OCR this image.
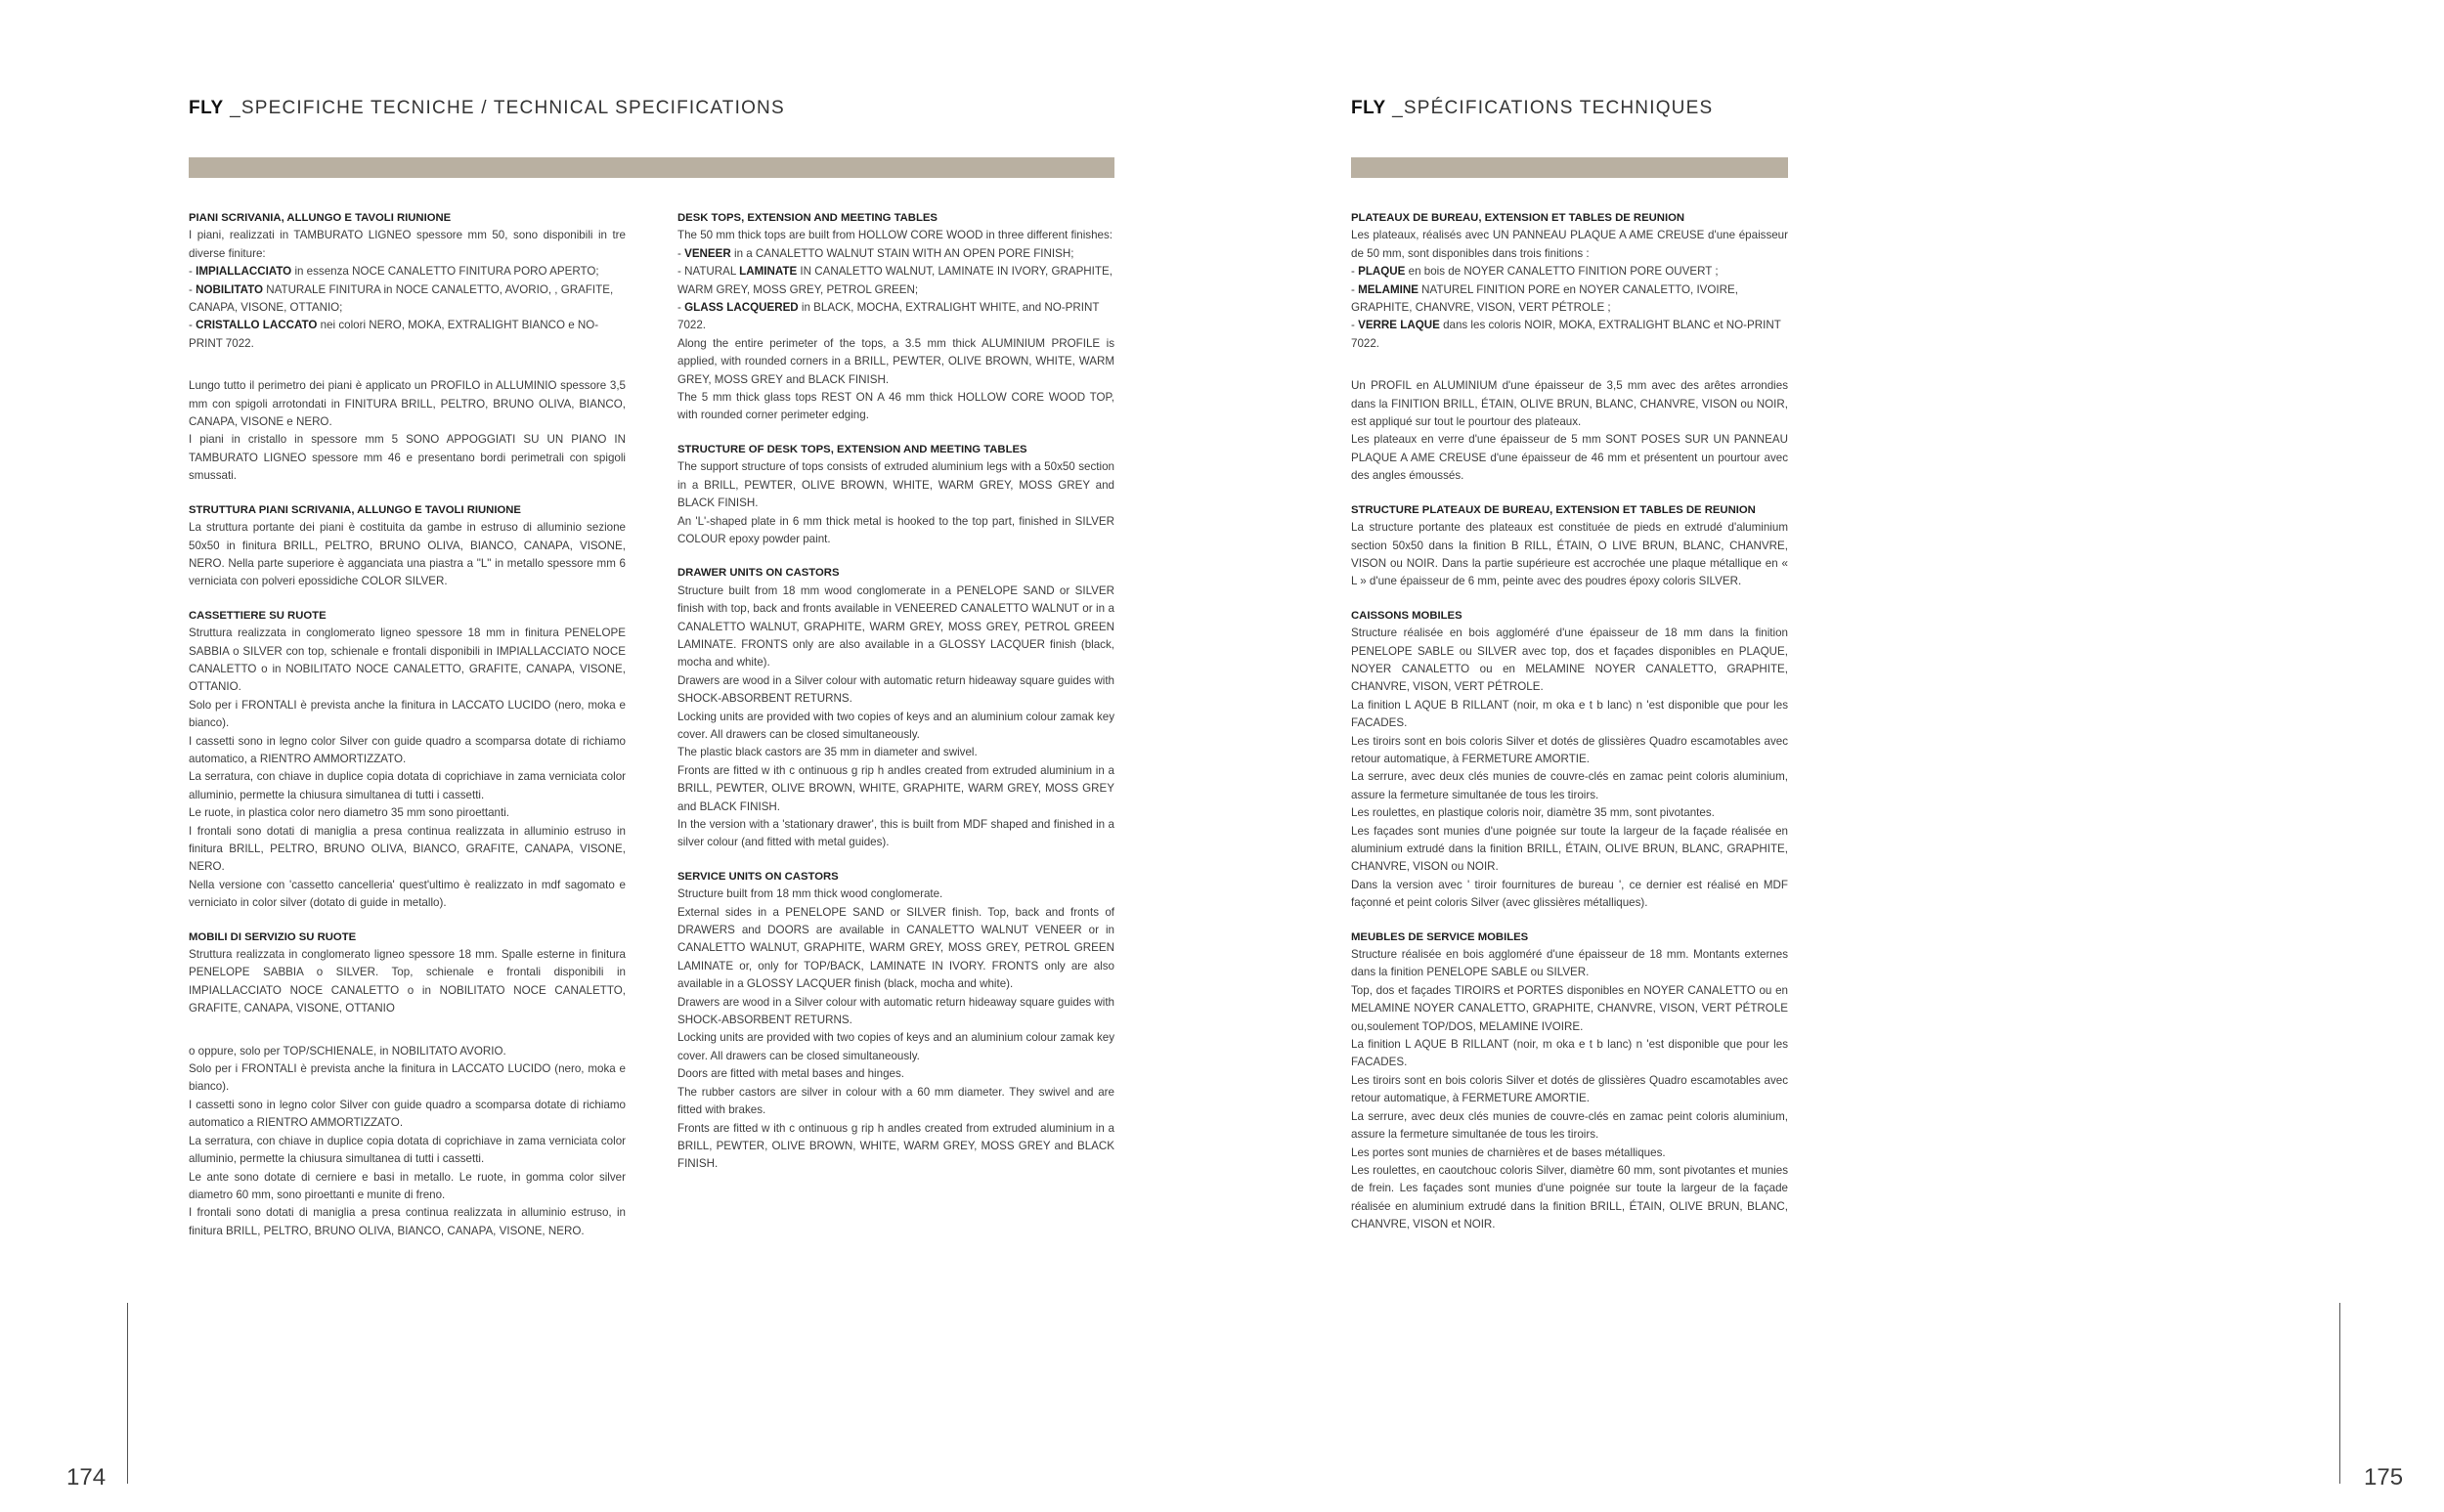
FLY _SPECIFICHE TECNICHE / TECHNICAL SPECIFICATIONS

PIANI SCRIVANIA, ALLUNGO E TAVOLI RIUNIONE

I piani, realizzati in TAMBURATO LIGNEO spessore mm 50, sono disponibili in tre diverse finiture:

- IMPIALLACCIATO in essenza NOCE CANALETTO FINITURA PORO APERTO;

- NOBILITATO NATURALE FINITURA in NOCE CANALETTO, AVORIO, , GRAFITE, CANAPA, VISONE, OTTANIO;

- CRISTALLO LACCATO nei colori NERO, MOKA, EXTRALIGHT BIANCO e NO-PRINT 7022.

Lungo tutto il perimetro dei piani è applicato un PROFILO in ALLUMINIO spessore 3,5 mm con spigoli arrotondati in FINITURA BRILL, PELTRO, BRUNO OLIVA, BIANCO, CANAPA, VISONE e NERO.

I piani in cristallo in spessore mm 5 SONO APPOGGIATI SU UN PIANO IN TAMBURATO LIGNEO spessore mm 46 e presentano bordi perimetrali con spigoli smussati.

STRUTTURA PIANI SCRIVANIA, ALLUNGO E TAVOLI RIUNIONE

La struttura portante dei piani è costituita da gambe in estruso di alluminio sezione 50x50 in finitura BRILL, PELTRO, BRUNO OLIVA, BIANCO, CANAPA, VISONE, NERO. Nella parte superiore è agganciata una piastra a "L" in metallo spessore mm 6 verniciata con polveri epossidiche COLOR SILVER.

CASSETTIERE SU RUOTE

Struttura realizzata in conglomerato ligneo spessore 18 mm in finitura PENELOPE SABBIA o SILVER con top, schienale e frontali disponibili in IMPIALLACCIATO NOCE CANALETTO o in NOBILITATO NOCE CANALETTO, GRAFITE, CANAPA, VISONE, OTTANIO.

Solo per i FRONTALI è prevista anche la finitura in LACCATO LUCIDO (nero, moka e bianco).

I cassetti sono in legno color Silver con guide quadro a scomparsa dotate di richiamo automatico, a RIENTRO AMMORTIZZATO.

La serratura, con chiave in duplice copia dotata di coprichiave in zama verniciata color alluminio, permette la chiusura simultanea di tutti i cassetti.

Le ruote, in plastica color nero diametro 35 mm sono piroettanti.

I frontali sono dotati di maniglia a presa continua realizzata in alluminio estruso in finitura BRILL, PELTRO, BRUNO OLIVA, BIANCO, GRAFITE, CANAPA, VISONE, NERO.

Nella versione con 'cassetto cancelleria' quest'ultimo è realizzato in mdf sagomato e verniciato in color silver (dotato di guide in metallo).

MOBILI DI SERVIZIO SU RUOTE

Struttura realizzata in conglomerato ligneo spessore 18 mm. Spalle esterne in finitura PENELOPE SABBIA o SILVER. Top, schienale e frontali disponibili in IMPIALLACCIATO NOCE CANALETTO o in NOBILITATO NOCE CANALETTO, GRAFITE, CANAPA, VISONE, OTTANIO

o oppure, solo per TOP/SCHIENALE, in NOBILITATO AVORIO.

Solo per i FRONTALI è prevista anche la finitura in LACCATO LUCIDO (nero, moka e bianco).

I cassetti sono in legno color Silver con guide quadro a scomparsa dotate di richiamo automatico a RIENTRO AMMORTIZZATO.

La serratura, con chiave in duplice copia dotata di coprichiave in zama verniciata color alluminio, permette la chiusura simultanea di tutti i cassetti.

Le ante sono dotate di cerniere e basi in metallo. Le ruote, in gomma color silver diametro 60 mm, sono piroettanti e munite di freno.

I frontali sono dotati di maniglia a presa continua realizzata in alluminio estruso, in finitura BRILL, PELTRO, BRUNO OLIVA, BIANCO, CANAPA, VISONE, NERO.

DESK TOPS, EXTENSION AND MEETING TABLES

The 50 mm thick tops are built from HOLLOW CORE WOOD in three different finishes:

- VENEER in a CANALETTO WALNUT STAIN WITH AN OPEN PORE FINISH;

- NATURAL LAMINATE IN CANALETTO WALNUT, LAMINATE IN IVORY, GRAPHITE, WARM GREY, MOSS GREY, PETROL GREEN;

- GLASS LACQUERED in BLACK, MOCHA, EXTRALIGHT WHITE, and NO-PRINT 7022.

Along the entire perimeter of the tops, a 3.5 mm thick ALUMINIUM PROFILE is applied, with rounded corners in a BRILL, PEWTER, OLIVE BROWN, WHITE, WARM GREY, MOSS GREY and BLACK FINISH.

The 5 mm thick glass tops REST ON A 46 mm thick HOLLOW CORE WOOD TOP, with rounded corner perimeter edging.

STRUCTURE OF DESK TOPS, EXTENSION AND MEETING TABLES

The support structure of tops consists of extruded aluminium legs with a 50x50 section in a BRILL, PEWTER, OLIVE BROWN, WHITE, WARM GREY, MOSS GREY and BLACK FINISH.

An 'L'-shaped plate in 6 mm thick metal is hooked to the top part, finished in SILVER COLOUR epoxy powder paint.

DRAWER UNITS ON CASTORS

Structure built from 18 mm wood conglomerate in a PENELOPE SAND or SILVER finish with top, back and fronts available in VENEERED CANALETTO WALNUT or in a CANALETTO WALNUT, GRAPHITE, WARM GREY, MOSS GREY, PETROL GREEN LAMINATE. FRONTS only are also available in a GLOSSY LACQUER finish (black, mocha and white).

Drawers are wood in a Silver colour with automatic return hideaway square guides with SHOCK-ABSORBENT RETURNS.

Locking units are provided with two copies of keys and an aluminium colour zamak key cover. All drawers can be closed simultaneously.

The plastic black castors are 35 mm in diameter and swivel.

Fronts are fitted w ith c ontinuous g rip h andles created from extruded aluminium in a BRILL, PEWTER, OLIVE BROWN, WHITE, GRAPHITE, WARM GREY, MOSS GREY and BLACK FINISH.

In the version with a 'stationary drawer', this is built from MDF shaped and finished in a silver colour (and fitted with metal guides).

SERVICE UNITS ON CASTORS

Structure built from 18 mm thick wood conglomerate.

External sides in a PENELOPE SAND or SILVER finish. Top, back and fronts of DRAWERS and DOORS are available in CANALETTO WALNUT VENEER or in CANALETTO WALNUT, GRAPHITE, WARM GREY, MOSS GREY, PETROL GREEN LAMINATE or, only for TOP/BACK, LAMINATE IN IVORY. FRONTS only are also available in a GLOSSY LACQUER finish (black, mocha and white).

Drawers are wood in a Silver colour with automatic return hideaway square guides with SHOCK-ABSORBENT RETURNS.

Locking units are provided with two copies of keys and an aluminium colour zamak key cover. All drawers can be closed simultaneously.

Doors are fitted with metal bases and hinges.

The rubber castors are silver in colour with a 60 mm diameter. They swivel and are fitted with brakes.

Fronts are fitted w ith c ontinuous g rip h andles created from extruded aluminium in a BRILL, PEWTER, OLIVE BROWN, WHITE, WARM GREY, MOSS GREY and BLACK FINISH.

174
FLY _SPÉCIFICATIONS TECHNIQUES

PLATEAUX DE BUREAU, EXTENSION ET TABLES DE REUNION

Les plateaux, réalisés avec UN PANNEAU PLAQUE A AME CREUSE d'une épaisseur de 50 mm, sont disponibles dans trois finitions :

- PLAQUE en bois de NOYER CANALETTO FINITION PORE OUVERT ;

- MELAMINE NATUREL FINITION PORE en NOYER CANALETTO, IVOIRE, GRAPHITE, CHANVRE, VISON, VERT PÉTROLE ;

- VERRE LAQUE dans les coloris NOIR, MOKA, EXTRALIGHT BLANC et NO-PRINT 7022.

Un PROFIL en ALUMINIUM d'une épaisseur de 3,5 mm avec des arêtes arrondies dans la FINITION BRILL, ÉTAIN, OLIVE BRUN, BLANC, CHANVRE, VISON ou NOIR, est appliqué sur tout le pourtour des plateaux.

Les plateaux en verre d'une épaisseur de 5 mm SONT POSES SUR UN PANNEAU PLAQUE A AME CREUSE d'une épaisseur de 46 mm et présentent un pourtour avec des angles émoussés.

STRUCTURE PLATEAUX DE BUREAU, EXTENSION ET TABLES DE REUNION

La structure portante des plateaux est constituée de pieds en extrudé d'aluminium section 50x50 dans la finition B RILL, ÉTAIN, O LIVE BRUN, BLANC, CHANVRE, VISON ou NOIR. Dans la partie supérieure est accrochée une plaque métallique en « L » d'une épaisseur de 6 mm, peinte avec des poudres époxy coloris SILVER.

CAISSONS MOBILES

Structure réalisée en bois aggloméré d'une épaisseur de 18 mm dans la finition PENELOPE SABLE ou SILVER avec top, dos et façades disponibles en PLAQUE, NOYER CANALETTO ou en MELAMINE NOYER CANALETTO, GRAPHITE, CHANVRE, VISON, VERT PÉTROLE.

La finition L AQUE B RILLANT (noir, m oka e t b lanc) n 'est disponible que pour les FACADES.

Les tiroirs sont en bois coloris Silver et dotés de glissières Quadro escamotables avec retour automatique, à FERMETURE AMORTIE.

La serrure, avec deux clés munies de couvre-clés en zamac peint coloris aluminium, assure la fermeture simultanée de tous les tiroirs.

Les roulettes, en plastique coloris noir, diamètre 35 mm, sont pivotantes.

Les façades sont munies d'une poignée sur toute la largeur de la façade réalisée en aluminium extrudé dans la finition BRILL, ÉTAIN, OLIVE BRUN, BLANC, GRAPHITE, CHANVRE, VISON ou NOIR.

Dans la version avec ' tiroir fournitures de bureau ', ce dernier est réalisé en MDF façonné et peint coloris Silver (avec glissières métalliques).

MEUBLES DE SERVICE MOBILES

Structure réalisée en bois aggloméré d'une épaisseur de 18 mm. Montants externes dans la finition PENELOPE SABLE ou SILVER.

Top, dos et façades TIROIRS et PORTES disponibles en NOYER CANALETTO ou en MELAMINE NOYER CANALETTO, GRAPHITE, CHANVRE, VISON, VERT PÉTROLE ou,soulement TOP/DOS, MELAMINE IVOIRE.

La finition L AQUE B RILLANT (noir, m oka e t b lanc) n 'est disponible que pour les FACADES.

Les tiroirs sont en bois coloris Silver et dotés de glissières Quadro escamotables avec retour automatique, à FERMETURE AMORTIE.

La serrure, avec deux clés munies de couvre-clés en zamac peint coloris aluminium, assure la fermeture simultanée de tous les tiroirs.

Les portes sont munies de charnières et de bases métalliques.

Les roulettes, en caoutchouc coloris Silver, diamètre 60 mm, sont pivotantes et munies de frein. Les façades sont munies d'une poignée sur toute la largeur de la façade réalisée en aluminium extrudé dans la finition BRILL, ÉTAIN, OLIVE BRUN, BLANC, CHANVRE, VISON et NOIR.

175
